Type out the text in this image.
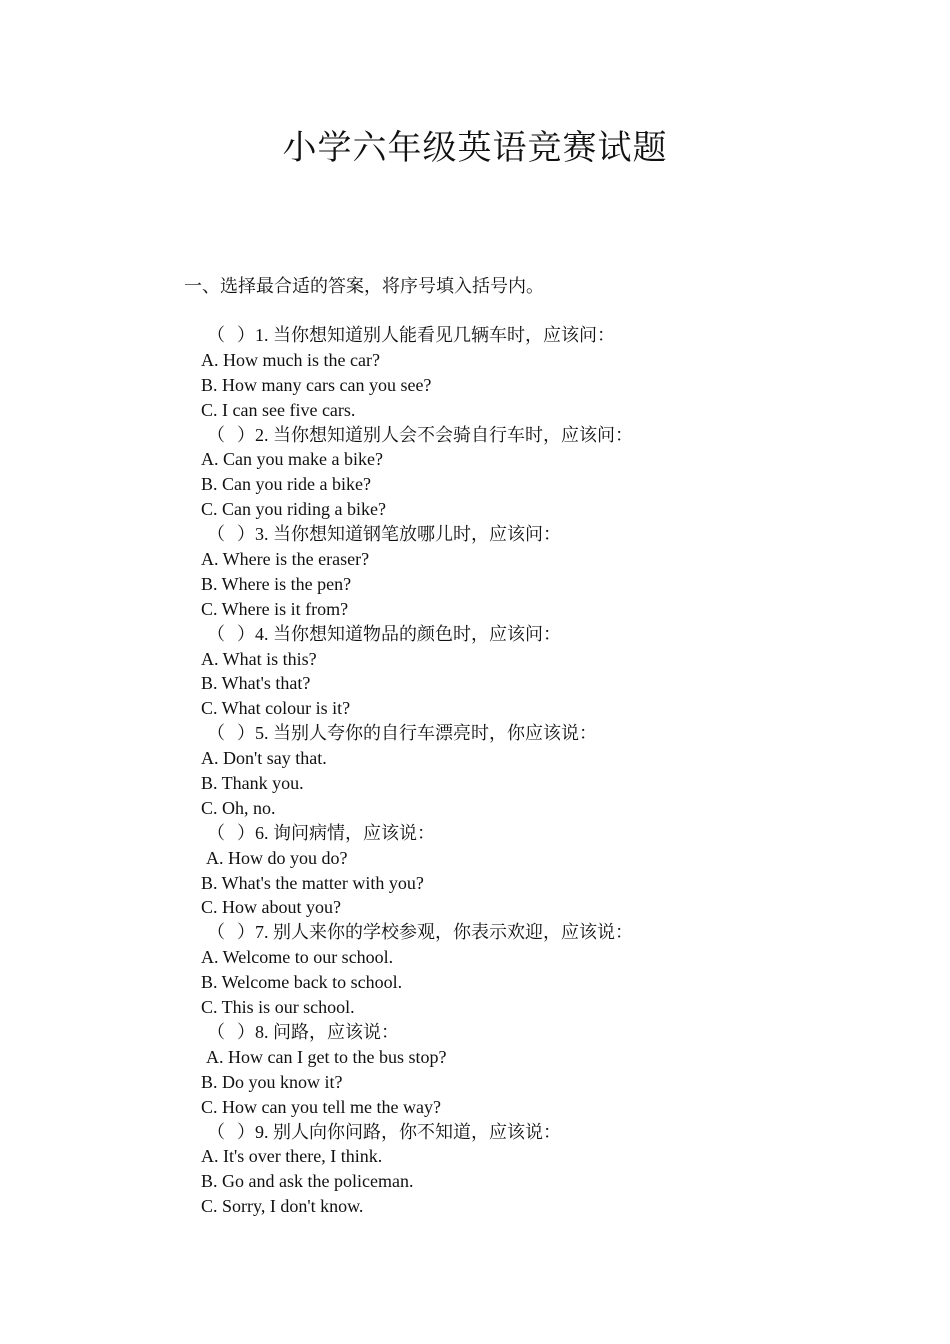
小学六年级英语竞赛试题
一、选择最合适的答案，将序号填入括号内。
（ ）1. 当你想知道别人能看见几辆车时，应该问：
A. How much is the car?
B. How many cars can you see?
C. I can see five cars.
（ ）2. 当你想知道别人会不会骑自行车时，应该问：
A. Can you make a bike?
B. Can you ride a bike?
C. Can you riding a bike?
（ ）3. 当你想知道钢笔放哪儿时，应该问：
A. Where is the eraser?
B. Where is the pen?
C. Where is it from?
（ ）4. 当你想知道物品的颜色时，应该问：
A. What is this?
B. What's that?
C. What colour is it?
（ ）5. 当别人夸你的自行车漂亮时，你应该说：
A. Don't say that.
B. Thank you.
C. Oh, no.
（ ）6. 询问病情，应该说：
A. How do you do?
B. What's the matter with you?
C. How about you?
（ ）7. 别人来你的学校参观，你表示欢迎，应该说：
A. Welcome to our school.
B. Welcome back to school.
C. This is our school.
（ ）8. 问路，应该说：
A. How can I get to the bus stop?
B. Do you know it?
C. How can you tell me the way?
（ ）9. 别人向你问路，你不知道，应该说：
A. It's over there, I think.
B. Go and ask the policeman.
C. Sorry, I don't know.
